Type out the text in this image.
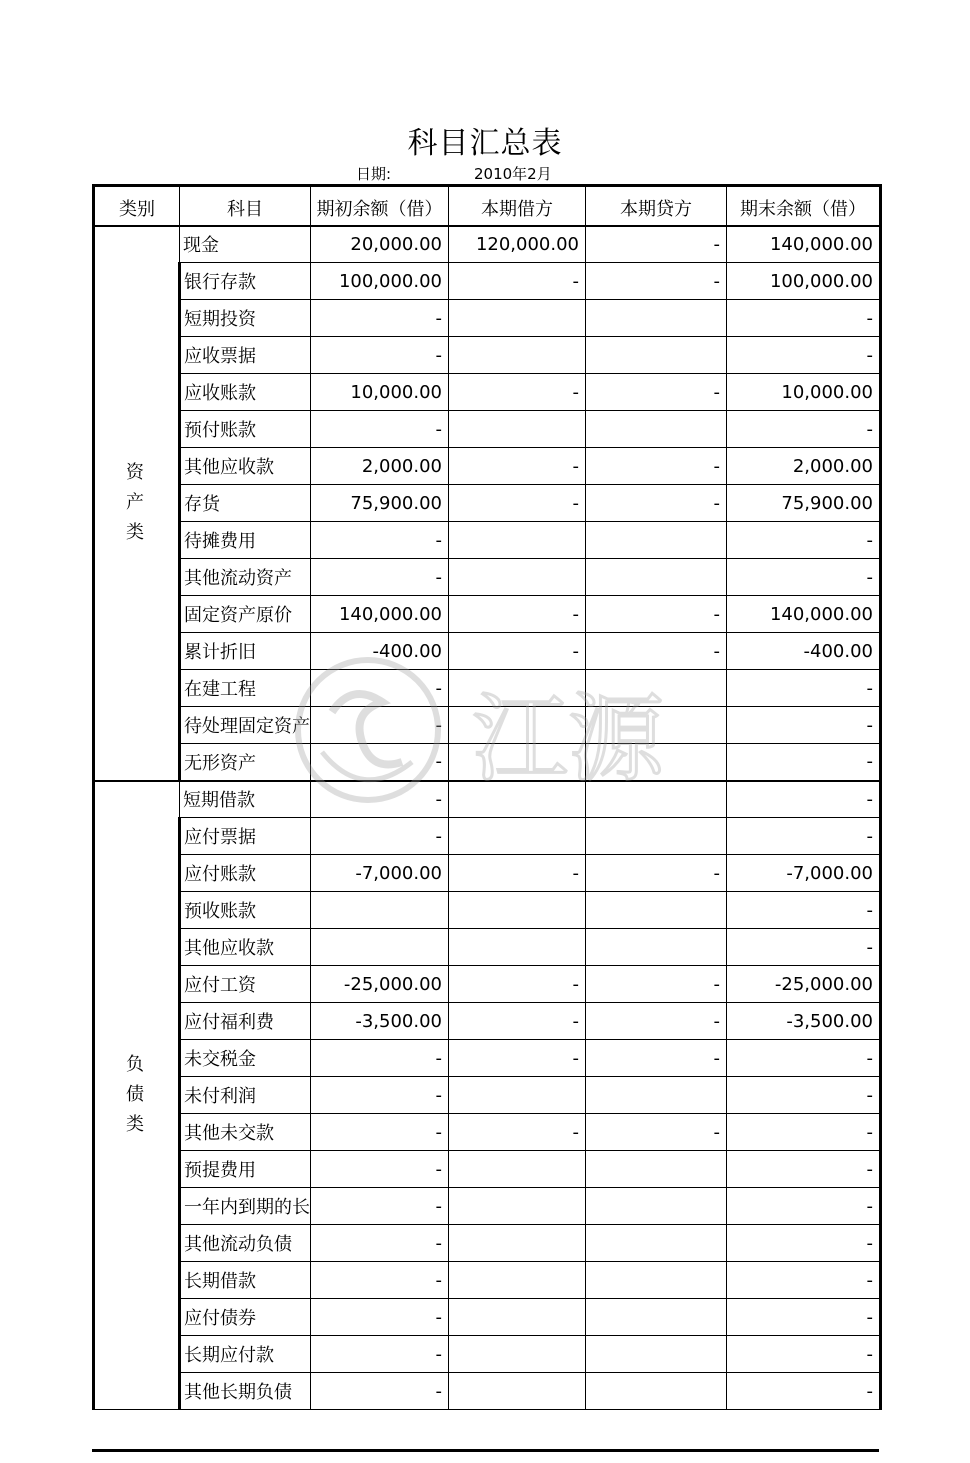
科目汇总表
日期:	2010年2月
类别	科目	期初余额（借）	本期借方	本期贷方	期末余额（借）
资产类	现金	20,000.00	120,000.00	-	140,000.00
	银行存款	100,000.00	-	-	100,000.00
	短期投资	-			-
	应收票据	-			-
	应收账款	10,000.00	-	-	10,000.00
	预付账款	-			-
	其他应收款	2,000.00	-	-	2,000.00
	存货	75,900.00	-	-	75,900.00
	待摊费用	-			-
	其他流动资产	-			-
	固定资产原价	140,000.00	-	-	140,000.00
	累计折旧	-400.00	-	-	-400.00
	在建工程	-			-
	待处理固定资产	-			-
	无形资产	-			-
负债类	短期借款	-			-
	应付票据	-			-
	应付账款	-7,000.00	-	-	-7,000.00
	预收账款				-
	其他应收款				-
	应付工资	-25,000.00	-	-	-25,000.00
	应付福利费	-3,500.00	-	-	-3,500.00
	未交税金	-	-	-	-
	未付利润	-			-
	其他未交款	-	-	-	-
	预提费用	-			-
	一年内到期的长	-			-
	其他流动负债	-			-
	长期借款	-			-
	应付债券	-			-
	长期应付款	-			-
	其他长期负债	-			-
江源
